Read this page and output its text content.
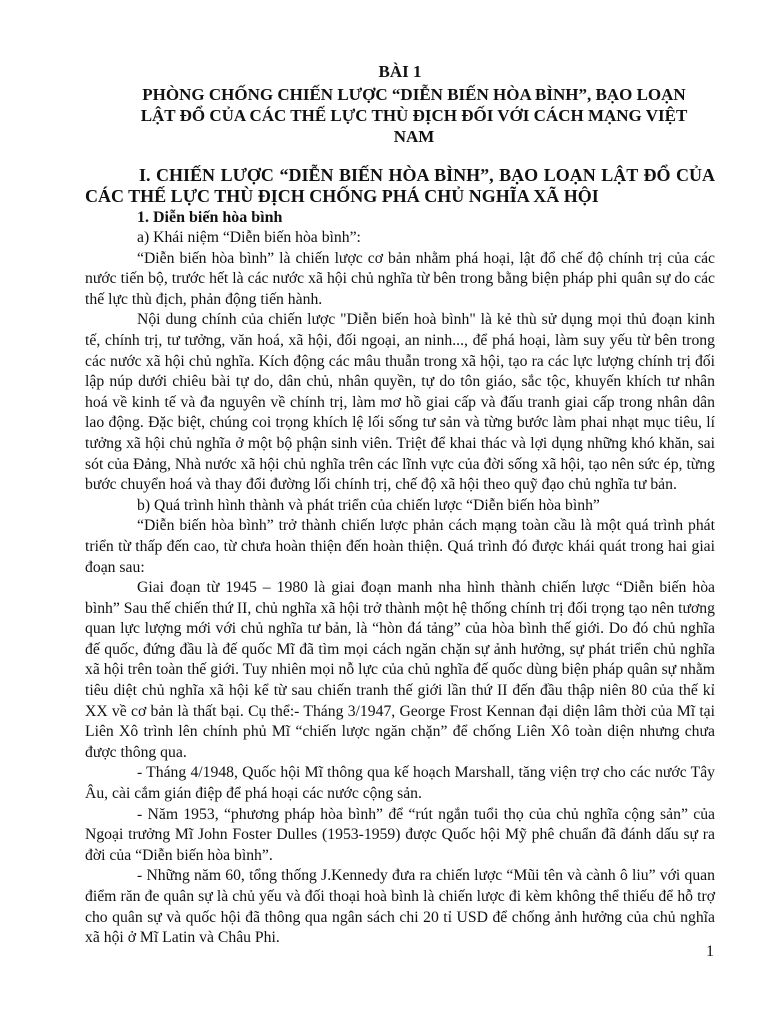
BÀI 1
PHÒNG CHỐNG CHIẾN LƯỢC “DIỄN BIẾN HÒA BÌNH”, BẠO LOẠN LẬT ĐỔ CỦA CÁC THẾ LỰC THÙ ĐỊCH ĐỐI VỚI CÁCH MẠNG VIỆT NAM
I. CHIẾN LƯỢC “DIỄN BIẾN HÒA BÌNH”, BẠO LOẠN LẬT ĐỔ CỦA CÁC THẾ LỰC THÙ ĐỊCH CHỐNG PHÁ CHỦ NGHĨA XÃ HỘI
1. Diễn biến hòa bình

a) Khái niệm “Diễn biến hòa bình”:

“Diễn biến hòa bình” là chiến lược cơ bản nhằm phá hoại, lật đổ chế độ chính trị của các nước tiến bộ, trước hết là các nước xã hội chủ nghĩa từ bên trong bằng biện pháp phi quân sự do các thế lực thù địch, phản động tiến hành.

Nội dung chính của chiến lược "Diễn biến hoà bình" là kẻ thù sử dụng mọi thủ đoạn kinh tế, chính trị, tư tưởng, văn hoá, xã hội, đối ngoại, an ninh..., để phá hoại, làm suy yếu từ bên trong các nước xã hội chủ nghĩa. Kích động các mâu thuẫn trong xã hội, tạo ra các lực lượng chính trị đối lập núp dưới chiêu bài tự do, dân chủ, nhân quyền, tự do tôn giáo, sắc tộc, khuyến khích tư nhân hoá về kinh tế và đa nguyên về chính trị, làm mơ hồ giai cấp và đấu tranh giai cấp trong nhân dân lao động. Đặc biệt, chúng coi trọng khích lệ lối sống tư sản và từng bước làm phai nhạt mục tiêu, lí tưởng xã hội chủ nghĩa ở một bộ phận sinh viên. Triệt để khai thác và lợi dụng những khó khăn, sai sót của Đảng, Nhà nước xã hội chủ nghĩa trên các lĩnh vực của đời sống xã hội, tạo nên sức ép, từng bước chuyển hoá và thay đổi đường lối chính trị, chế độ xã hội theo quỹ đạo chủ nghĩa tư bản.

b) Quá trình hình thành và phát triển của chiến lược “Diễn biến hòa bình”

“Diễn biến hòa bình” trở thành chiến lược phản cách mạng toàn cầu là một quá trình phát triển từ thấp đến cao, từ chưa hoàn thiện đến hoàn thiện. Quá trình đó được khái quát trong hai giai đoạn sau:

Giai đoạn từ 1945 – 1980 là giai đoạn manh nha hình thành chiến lược “Diễn biến hòa bình” Sau thế chiến thứ II, chủ nghĩa xã hội trở thành một hệ thống chính trị đối trọng tạo nên tương quan lực lượng mới với chủ nghĩa tư bản, là “hòn đá tảng” của hòa bình thế giới. Do đó chủ nghĩa đế quốc, đứng đầu là đế quốc Mĩ đã tìm mọi cách ngăn chặn sự ảnh hưởng, sự phát triển chủ nghĩa xã hội trên toàn thế giới. Tuy nhiên mọi nỗ lực của chủ nghĩa đế quốc dùng biện pháp quân sự nhằm tiêu diệt chủ nghĩa xã hội kể từ sau chiến tranh thế giới lần thứ II đến đầu thập niên 80 của thế kỉ XX về cơ bản là thất bại. Cụ thể:- Tháng 3/1947, George Frost Kennan đại diện lâm thời của Mĩ tại Liên Xô trình lên chính phủ Mĩ “chiến lược ngăn chặn” để chống Liên Xô toàn diện nhưng chưa được thông qua.

- Tháng 4/1948, Quốc hội Mĩ thông qua kế hoạch Marshall, tăng viện trợ cho các nước Tây Âu, cài cắm gián điệp để phá hoại các nước cộng sản.

- Năm 1953, “phương pháp hòa bình” để “rút ngắn tuổi thọ của chủ nghĩa cộng sản” của Ngoại trưởng Mĩ John Foster Dulles (1953-1959) được Quốc hội Mỹ phê chuẩn đã đánh dấu sự ra đời của “Diễn biến hòa bình”.

- Những năm 60, tổng thống J.Kennedy đưa ra chiến lược “Mũi tên và cành ô liu” với quan điểm răn đe quân sự là chủ yếu và đối thoại hoà bình là chiến lược đi kèm không thể thiếu để hỗ trợ cho quân sự và quốc hội đã thông qua ngân sách chi 20 tỉ USD để chống ảnh hưởng của chủ nghĩa xã hội ở Mĩ Latin và Châu Phi.

1
